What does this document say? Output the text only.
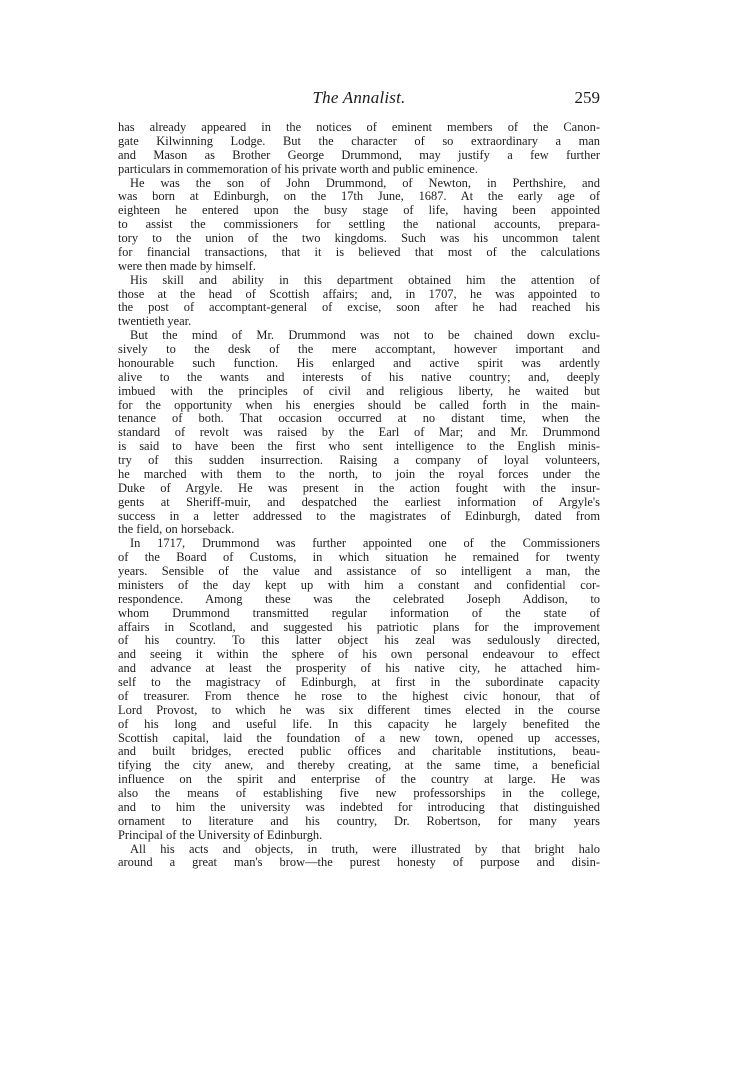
The Annalist.	259
has already appeared in the notices of eminent members of the Canon-
gate Kilwinning Lodge. But the character of so extraordinary a man
and Mason as Brother George Drummond, may justify a few further
particulars in commemoration of his private worth and public eminence.
He was the son of John Drummond, of Newton, in Perthshire, and
was born at Edinburgh, on the 17th June, 1687. At the early age of
eighteen he entered upon the busy stage of life, having been appointed
to assist the commissioners for settling the national accounts, prepara-
tory to the union of the two kingdoms. Such was his uncommon talent
for financial transactions, that it is believed that most of the calculations
were then made by himself.
His skill and ability in this department obtained him the attention of
those at the head of Scottish affairs; and, in 1707, he was appointed to
the post of accomptant-general of excise, soon after he had reached his
twentieth year.
But the mind of Mr. Drummond was not to be chained down exclu-
sively to the desk of the mere accomptant, however important and
honourable such function. His enlarged and active spirit was ardently
alive to the wants and interests of his native country; and, deeply
imbued with the principles of civil and religious liberty, he waited but
for the opportunity when his energies should be called forth in the main-
tenance of both. That occasion occurred at no distant time, when the
standard of revolt was raised by the Earl of Mar; and Mr. Drummond
is said to have been the first who sent intelligence to the English minis-
try of this sudden insurrection. Raising a company of loyal volunteers,
he marched with them to the north, to join the royal forces under the
Duke of Argyle. He was present in the action fought with the insur-
gents at Sheriff-muir, and despatched the earliest information of Argyle's
success in a letter addressed to the magistrates of Edinburgh, dated from
the field, on horseback.
In 1717, Drummond was further appointed one of the Commissioners
of the Board of Customs, in which situation he remained for twenty
years. Sensible of the value and assistance of so intelligent a man, the
ministers of the day kept up with him a constant and confidential cor-
respondence. Among these was the celebrated Joseph Addison, to
whom Drummond transmitted regular information of the state of
affairs in Scotland, and suggested his patriotic plans for the improvement
of his country. To this latter object his zeal was sedulously directed,
and seeing it within the sphere of his own personal endeavour to effect
and advance at least the prosperity of his native city, he attached him-
self to the magistracy of Edinburgh, at first in the subordinate capacity
of treasurer. From thence he rose to the highest civic honour, that of
Lord Provost, to which he was six different times elected in the course
of his long and useful life. In this capacity he largely benefited the
Scottish capital, laid the foundation of a new town, opened up accesses,
and built bridges, erected public offices and charitable institutions, beau-
tifying the city anew, and thereby creating, at the same time, a beneficial
influence on the spirit and enterprise of the country at large. He was
also the means of establishing five new professorships in the college,
and to him the university was indebted for introducing that distinguished
ornament to literature and his country, Dr. Robertson, for many years
Principal of the University of Edinburgh.
All his acts and objects, in truth, were illustrated by that bright halo
around a great man's brow—the purest honesty of purpose and disin-
